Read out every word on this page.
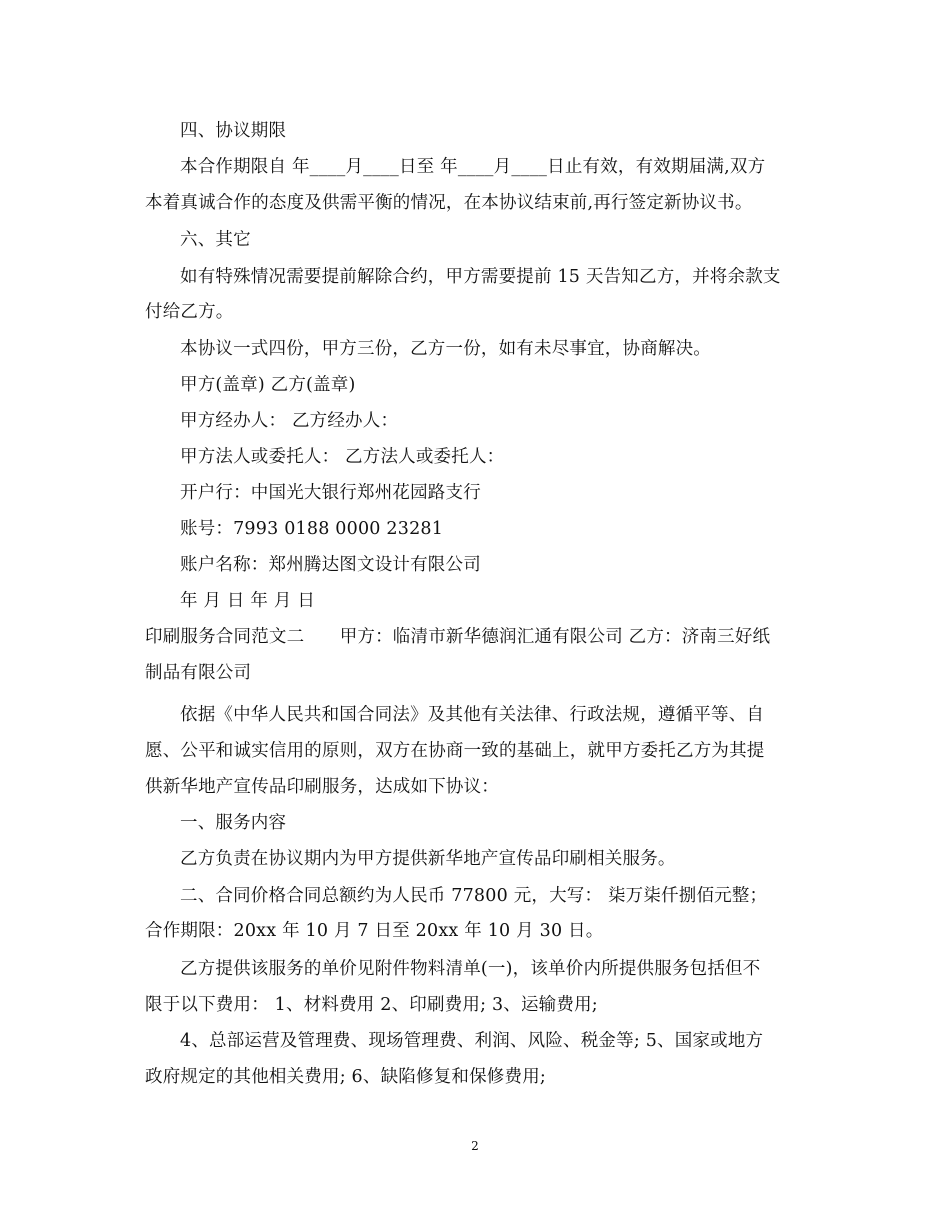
四、协议期限
本合作期限自 年____月____日至 年____月____日止有效，有效期届满,双方
本着真诚合作的态度及供需平衡的情况，在本协议结束前,再行签定新协议书。
六、其它
如有特殊情况需要提前解除合约，甲方需要提前 15 天告知乙方，并将余款支
付给乙方。
本协议一式四份，甲方三份，乙方一份，如有未尽事宜，协商解决。
甲方(盖章) 乙方(盖章)
甲方经办人： 乙方经办人：
甲方法人或委托人： 乙方法人或委托人：
开户行：中国光大银行郑州花园路支行
账号：7993 0188 0000 23281
账户名称：郑州腾达图文设计有限公司
年 月 日 年 月 日
印刷服务合同范文二　　甲方：临清市新华德润汇通有限公司 乙方：济南三好纸
制品有限公司
依据《中华人民共和国合同法》及其他有关法律、行政法规，遵循平等、自
愿、公平和诚实信用的原则，双方在协商一致的基础上，就甲方委托乙方为其提
供新华地产宣传品印刷服务，达成如下协议：
一、服务内容
乙方负责在协议期内为甲方提供新华地产宣传品印刷相关服务。
二、合同价格合同总额约为人民币 77800 元，大写： 柒万柒仟捌佰元整；
合作期限：20xx 年 10 月 7 日至 20xx 年 10 月 30 日。
乙方提供该服务的单价见附件物料清单(一)，该单价内所提供服务包括但不
限于以下费用： 1、材料费用 2、印刷费用; 3、运输费用;
4、总部运营及管理费、现场管理费、利润、风险、税金等; 5、国家或地方
政府规定的其他相关费用; 6、缺陷修复和保修费用;
2
